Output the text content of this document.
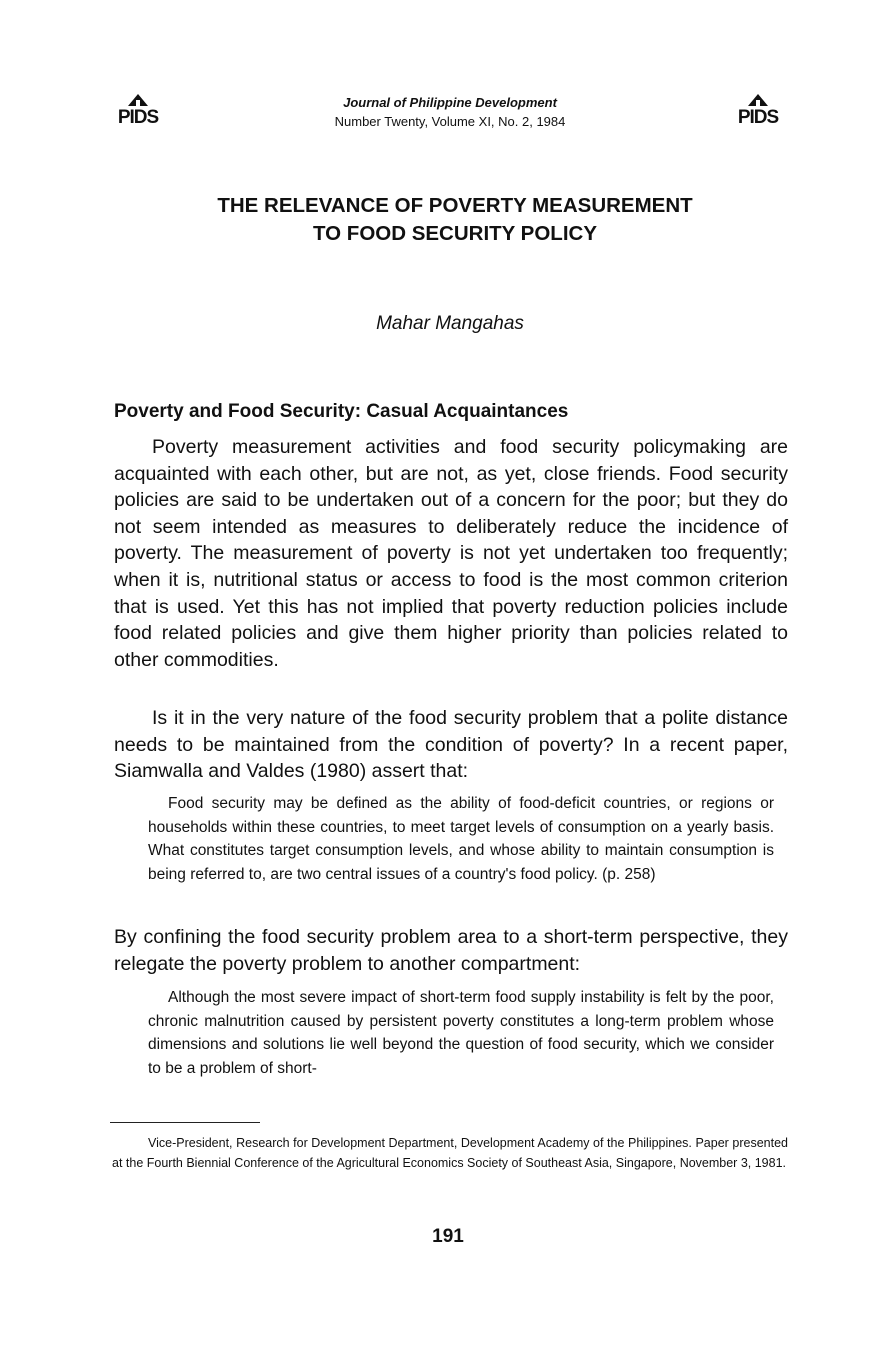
PIDS
Journal of Philippine Development
Number Twenty, Volume XI, No. 2, 1984	PIDS
THE RELEVANCE OF POVERTY MEASUREMENT
TO FOOD SECURITY POLICY
Mahar Mangahas
Poverty and Food Security: Casual Acquaintances

Poverty measurement activities and food security policymaking are acquainted with each other, but are not, as yet, close friends. Food security policies are said to be undertaken out of a concern for the poor; but they do not seem intended as measures to deliberately reduce the incidence of poverty. The measurement of poverty is not yet undertaken too frequently; when it is, nutritional status or access to food is the most common criterion that is used. Yet this has not implied that poverty reduction policies include food related policies and give them higher priority than policies related to other commodities.

Is it in the very nature of the food security problem that a polite distance needs to be maintained from the condition of poverty? In a recent paper, Siamwalla and Valdes (1980) assert that:

Food security may be defined as the ability of food-deficit countries, or regions or households within these countries, to meet target levels of consumption on a yearly basis. What constitutes target consumption levels, and whose ability to maintain consumption is being referred to, are two central issues of a country's food policy. (p. 258)

By confining the food security problem area to a short-term perspective, they relegate the poverty problem to another compartment:

Although the most severe impact of short-term food supply instability is felt by the poor, chronic malnutrition caused by persistent poverty constitutes a long-term problem whose dimensions and solutions lie well beyond the question of food security, which we consider to be a problem of short-

Vice-President, Research for Development Department, Development Academy of the Philippines. Paper presented at the Fourth Biennial Conference of the Agricultural Economics Society of Southeast Asia, Singapore, November 3, 1981.

191
